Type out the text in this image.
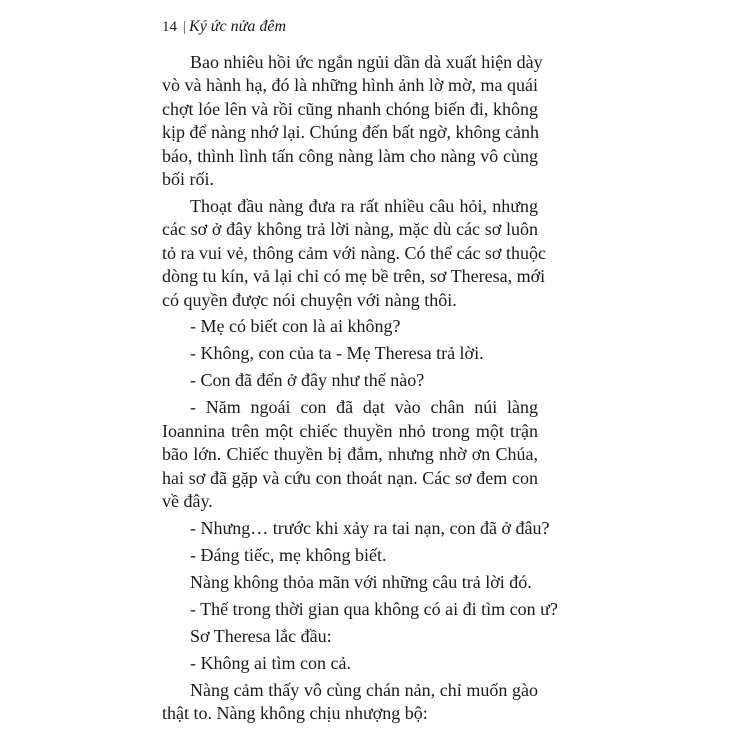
14 | Ký ức nửa đêm
Bao nhiêu hồi ức ngắn ngủi dần dà xuất hiện dày
vò và hành hạ, đó là những hình ảnh lờ mờ, ma quái
chợt lóe lên và rồi cũng nhanh chóng biến đi, không
kịp để nàng nhớ lại. Chúng đến bất ngờ, không cảnh
báo, thình lình tấn công nàng làm cho nàng vô cùng
bối rối.
Thoạt đầu nàng đưa ra rất nhiều câu hỏi, nhưng
các sơ ở đây không trả lời nàng, mặc dù các sơ luôn
tỏ ra vui vẻ, thông cảm với nàng. Có thể các sơ thuộc
dòng tu kín, vả lại chỉ có mẹ bề trên, sơ Theresa, mới
có quyền được nói chuyện với nàng thôi.
- Mẹ có biết con là ai không?
- Không, con của ta - Mẹ Theresa trả lời.
- Con đã đến ở đây như thế nào?
- Năm ngoái con đã dạt vào chân núi làng
Ioannina trên một chiếc thuyền nhỏ trong một trận
bão lớn. Chiếc thuyền bị đắm, nhưng nhờ ơn Chúa,
hai sơ đã gặp và cứu con thoát nạn. Các sơ đem con
về đây.
- Nhưng… trước khi xảy ra tai nạn, con đã ở đâu?
- Đáng tiếc, mẹ không biết.
Nàng không thỏa mãn với những câu trả lời đó.
- Thế trong thời gian qua không có ai đi tìm con ư?
Sơ Theresa lắc đầu:
- Không ai tìm con cả.
Nàng cảm thấy vô cùng chán nản, chỉ muốn gào
thật to. Nàng không chịu nhượng bộ:
